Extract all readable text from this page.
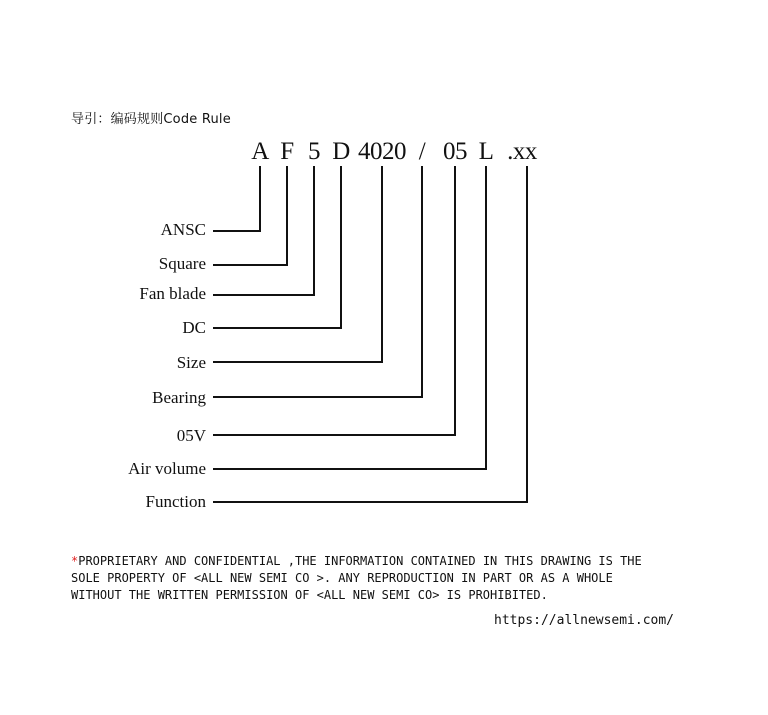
导引：编码规则Code Rule
A F 5 D 4020 / 05 L .xx
ANSC
Square
Fan blade
DC
Size
Bearing
05V
Air volume
Function
*PROPRIETARY AND CONFIDENTIAL ,THE INFORMATION CONTAINED IN THIS DRAWING IS THE
SOLE PROPERTY OF <ALL NEW SEMI CO >. ANY REPRODUCTION IN PART OR AS A WHOLE
WITHOUT THE WRITTEN PERMISSION OF <ALL NEW SEMI CO> IS PROHIBITED.
https://allnewsemi.com/
